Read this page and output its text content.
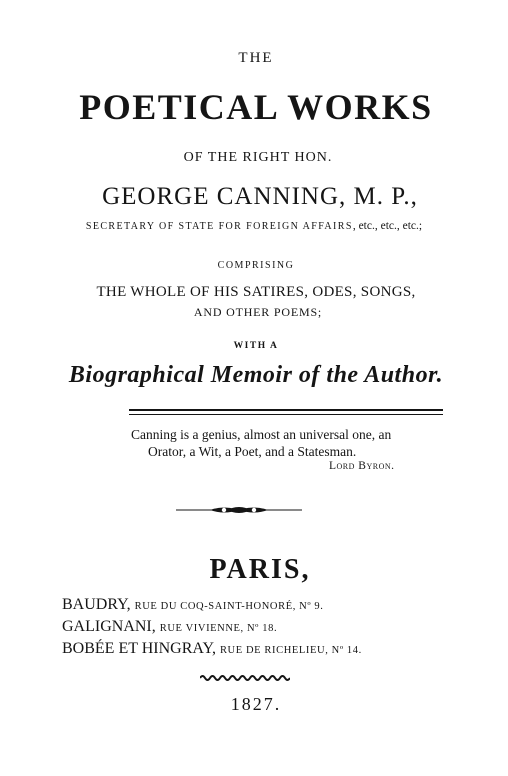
THE
POETICAL WORKS
OF THE RIGHT HON.
GEORGE CANNING, M. P.,
SECRETARY OF STATE FOR FOREIGN AFFAIRS, etc., etc., etc.;
COMPRISING
THE WHOLE OF HIS SATIRES, ODES, SONGS,
AND OTHER POEMS;
WITH A
Biographical Memoir of the Author.
Canning is a genius, almost an universal one, an
Orator, a Wit, a Poet, and a Statesman.
Lord Byron.
PARIS,
BAUDRY, RUE DU COQ-SAINT-HONORÉ, Nº 9.
GALIGNANI, RUE VIVIENNE, Nº 18.
BOBÉE ET HINGRAY, RUE DE RICHELIEU, Nº 14.
1827.
